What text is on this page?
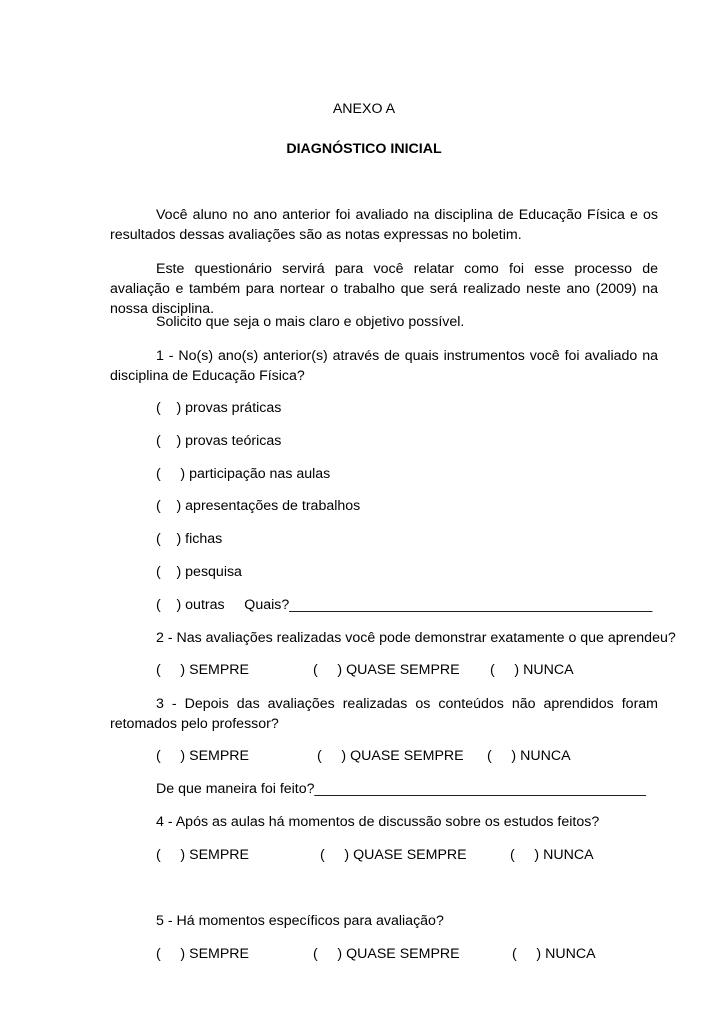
ANEXO A
DIAGNÓSTICO INICIAL

Você aluno no ano anterior foi avaliado na disciplina de Educação Física e os resultados dessas avaliações são as notas expressas no boletim.

Este questionário servirá para você relatar como foi esse processo de avaliação e também para nortear o trabalho que será realizado neste ano (2009) na nossa disciplina.

Solicito que seja o mais claro e objetivo possível.

1 - No(s) ano(s) anterior(s) através de quais instrumentos você foi avaliado na disciplina de Educação Física?

(    ) provas práticas
(    ) provas teóricas
(     ) participação nas aulas
(    ) apresentações de trabalhos
(    ) fichas
(    ) pesquisa
(    ) outras     Quais?______________________________________________
2 - Nas avaliações realizadas você pode demonstrar exatamente o que aprendeu?
(     ) SEMPRE	(     ) QUASE SEMPRE (     ) NUNCA

3 - Depois das avaliações realizadas os conteúdos não aprendidos foram retomados pelo professor?

(     ) SEMPRE	(     ) QUASE SEMPRE (     ) NUNCA
De que maneira foi feito?__________________________________________
4 - Após as aulas há momentos de discussão sobre os estudos feitos?
(     ) SEMPRE	(     ) QUASE SEMPRE	(     ) NUNCA
5 - Há momentos específicos para avaliação?
(     ) SEMPRE	(     ) QUASE SEMPRE	(     ) NUNCA
